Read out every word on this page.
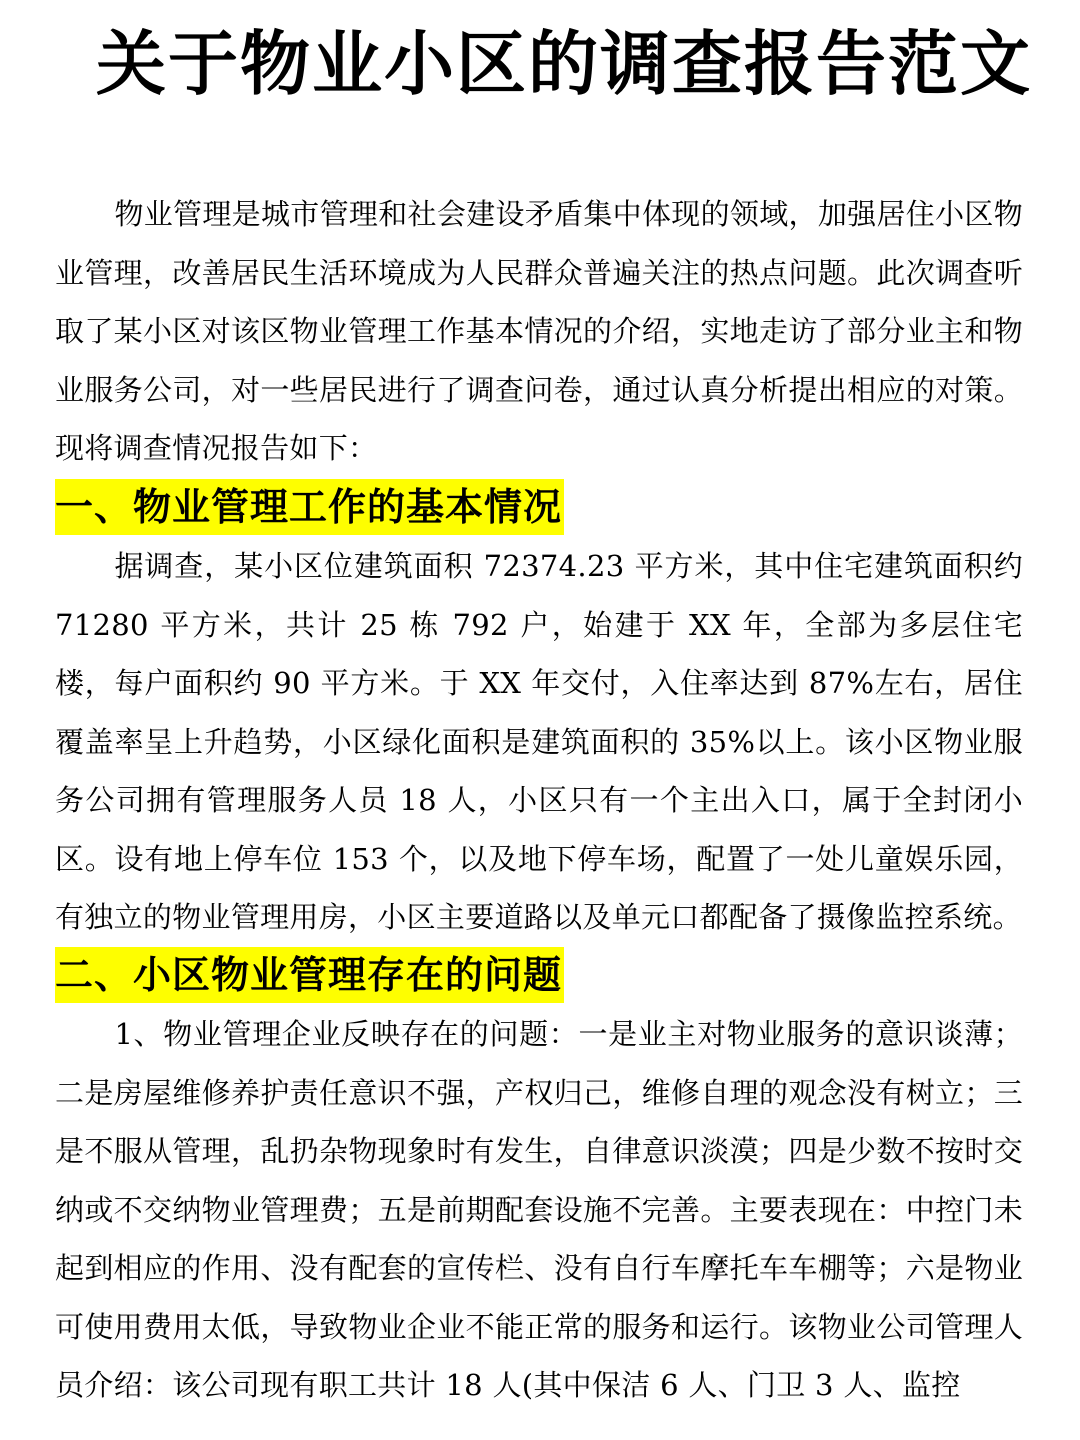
关于物业小区的调查报告范文

物业管理是城市管理和社会建设矛盾集中体现的领域，加强居住小区物业管理，改善居民生活环境成为人民群众普遍关注的热点问题。此次调查听取了某小区对该区物业管理工作基本情况的介绍，实地走访了部分业主和物业服务公司，对一些居民进行了调查问卷，通过认真分析提出相应的对策。现将调查情况报告如下：

一、物业管理工作的基本情况

据调查，某小区位建筑面积 72374.23 平方米，其中住宅建筑面积约 71280 平方米，共计 25 栋 792 户，始建于 XX 年，全部为多层住宅楼，每户面积约 90 平方米。于 XX 年交付，入住率达到 87%左右，居住覆盖率呈上升趋势，小区绿化面积是建筑面积的 35%以上。该小区物业服务公司拥有管理服务人员 18 人，小区只有一个主出入口，属于全封闭小区。设有地上停车位 153 个，以及地下停车场，配置了一处儿童娱乐园，有独立的物业管理用房，小区主要道路以及单元口都配备了摄像监控系统。

二、小区物业管理存在的问题

1、物业管理企业反映存在的问题：一是业主对物业服务的意识谈薄；二是房屋维修养护责任意识不强，产权归己，维修自理的观念没有树立；三是不服从管理，乱扔杂物现象时有发生，自律意识淡漠；四是少数不按时交纳或不交纳物业管理费；五是前期配套设施不完善。主要表现在：中控门未起到相应的作用、没有配套的宣传栏、没有自行车摩托车车棚等；六是物业可使用费用太低，导致物业企业不能正常的服务和运行。该物业公司管理人员介绍：该公司现有职工共计 18 人(其中保洁 6 人、门卫 3 人、监控
